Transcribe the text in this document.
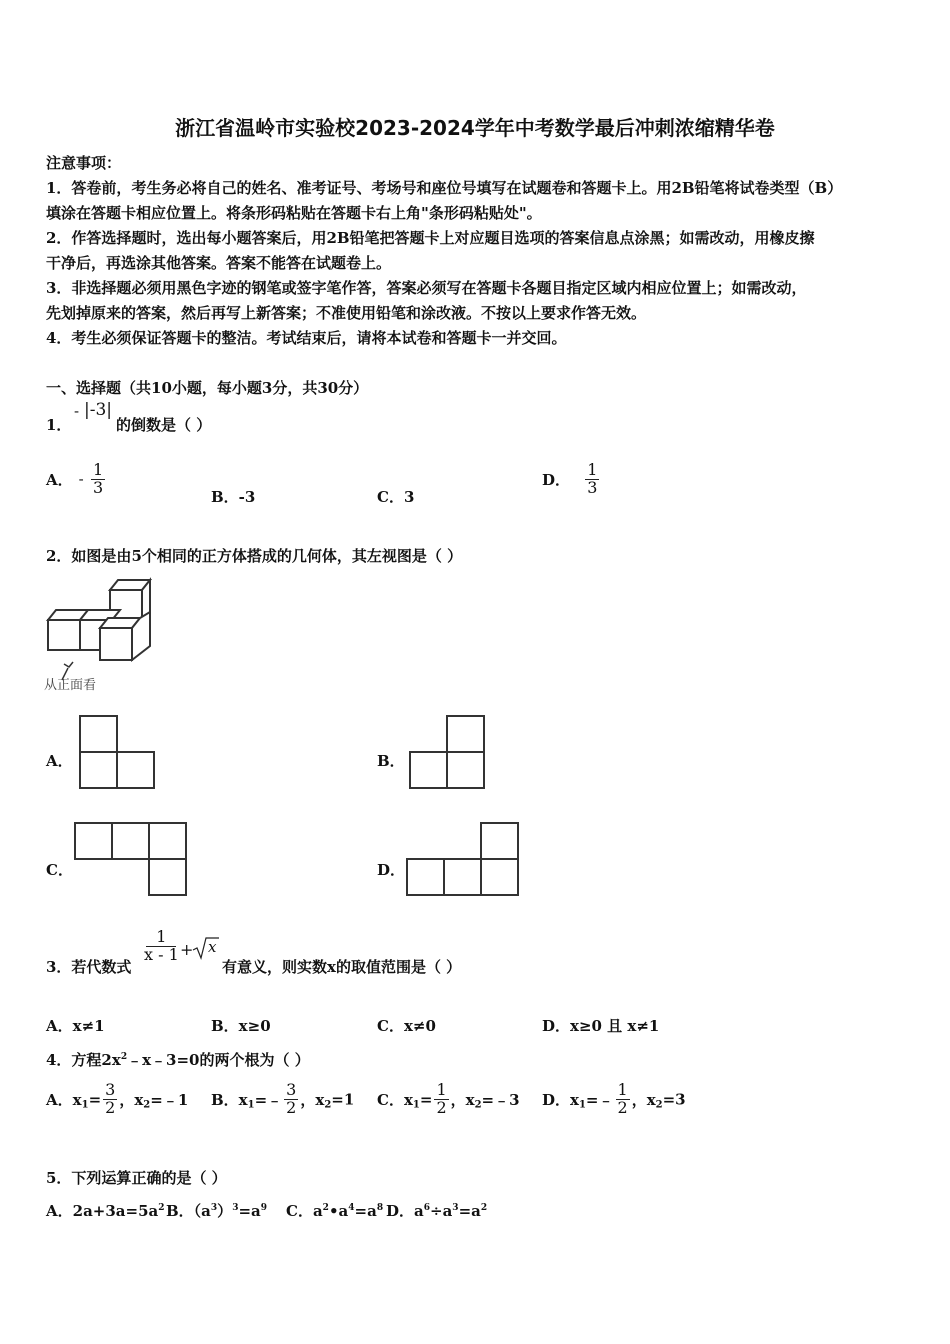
浙江省温岭市实验校2023-2024学年中考数学最后冲刺浓缩精华卷
注意事项：
1．答卷前，考生务必将自己的姓名、准考证号、考场号和座位号填写在试题卷和答题卡上。用2B铅笔将试卷类型（B）
填涂在答题卡相应位置上。将条形码粘贴在答题卡右上角"条形码粘贴处"。
2．作答选择题时，选出每小题答案后，用2B铅笔把答题卡上对应题目选项的答案信息点涂黑；如需改动，用橡皮擦
干净后，再选涂其他答案。答案不能答在试题卷上。
3．非选择题必须用黑色字迹的钢笔或签字笔作答，答案必须写在答题卡各题目指定区域内相应位置上；如需改动，
先划掉原来的答案，然后再写上新答案；不准使用铅笔和涂改液。不按以上要求作答无效。
4．考生必须保证答题卡的整洁。考试结束后，请将本试卷和答题卡一并交回。
一、选择题（共10小题，每小题3分，共30分）
1．
- |-3|
的倒数是（ ）
A． - $\frac{1}{3}$
B．-3	C．3
D． $\frac{1}{3}$
2．如图是由5个相同的正方体搭成的几何体，其左视图是（ ）
从正面看
A．	B．
C．	D．
3．若代数式
$\frac{1}{x - 1} + x$
有意义，则实数x的取值范围是（ ）
A．x≠1	B．x≥0	C．x≠0	D．x≥0 且 x≠1
4．方程$2x^2﹣x﹣3=0$的两个根为（ ）
A．$x_1= \frac{3}{2}$ ，$x_2=﹣1$ B．$x_1=﹣ \frac{3}{2}$ ，$x_2=1$ C．$x_1= \frac{1}{2}$ ，$x_2=﹣3$ D．$x_1=﹣ \frac{1}{2}$ ，$x_2=3$
5．下列运算正确的是（ ）
A．$2a+3a=5a^2$ B．$(a^3)^3=a^9$ C．$a^2•a^4=a^8$ D．$a^6\div a^3=a^2$
